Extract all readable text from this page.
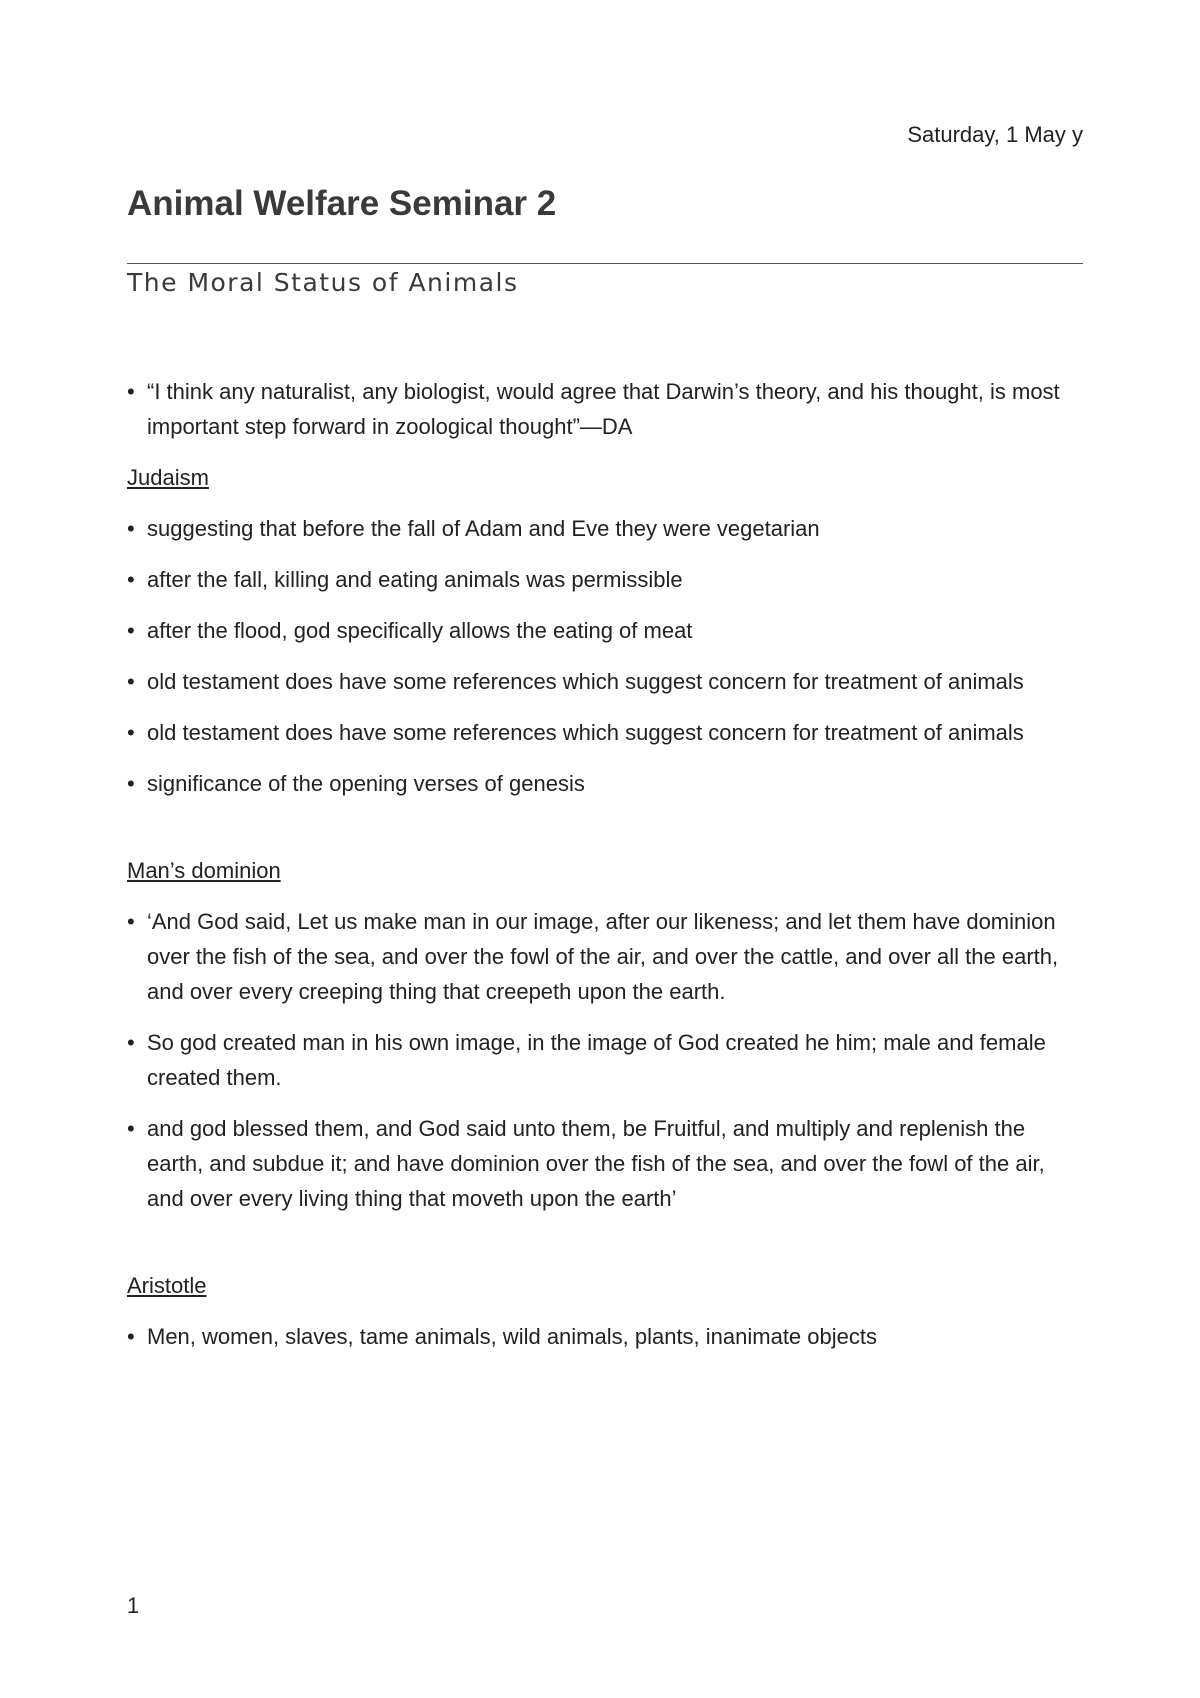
Saturday, 1 May y
Animal Welfare Seminar 2
The Moral Status of Animals
• “I think any naturalist, any biologist, would agree that Darwin’s theory, and his thought, is most important step forward in zoological thought”—DA
Judaism
• suggesting that before the fall of Adam and Eve they were vegetarian
• after the fall, killing and eating animals was permissible
• after the flood, god specifically allows the eating of meat
• old testament does have some references which suggest concern for treatment of animals
• old testament does have some references which suggest concern for treatment of animals
• significance of the opening verses of genesis
Man’s dominion
• ‘And God said, Let us make man in our image, after our likeness; and let them have dominion over the fish of the sea, and over the fowl of the air, and over the cattle, and over all the earth, and over every creeping thing that creepeth upon the earth.
• So god created man in his own image, in the image of God created he him; male and female created them.
• and god blessed them, and God said unto them, be Fruitful, and multiply and replenish the earth, and subdue it; and have dominion over the fish of the sea, and over the fowl of the air, and over every living thing that moveth upon the earth’
Aristotle
• Men, women, slaves, tame animals, wild animals, plants, inanimate objects
1
